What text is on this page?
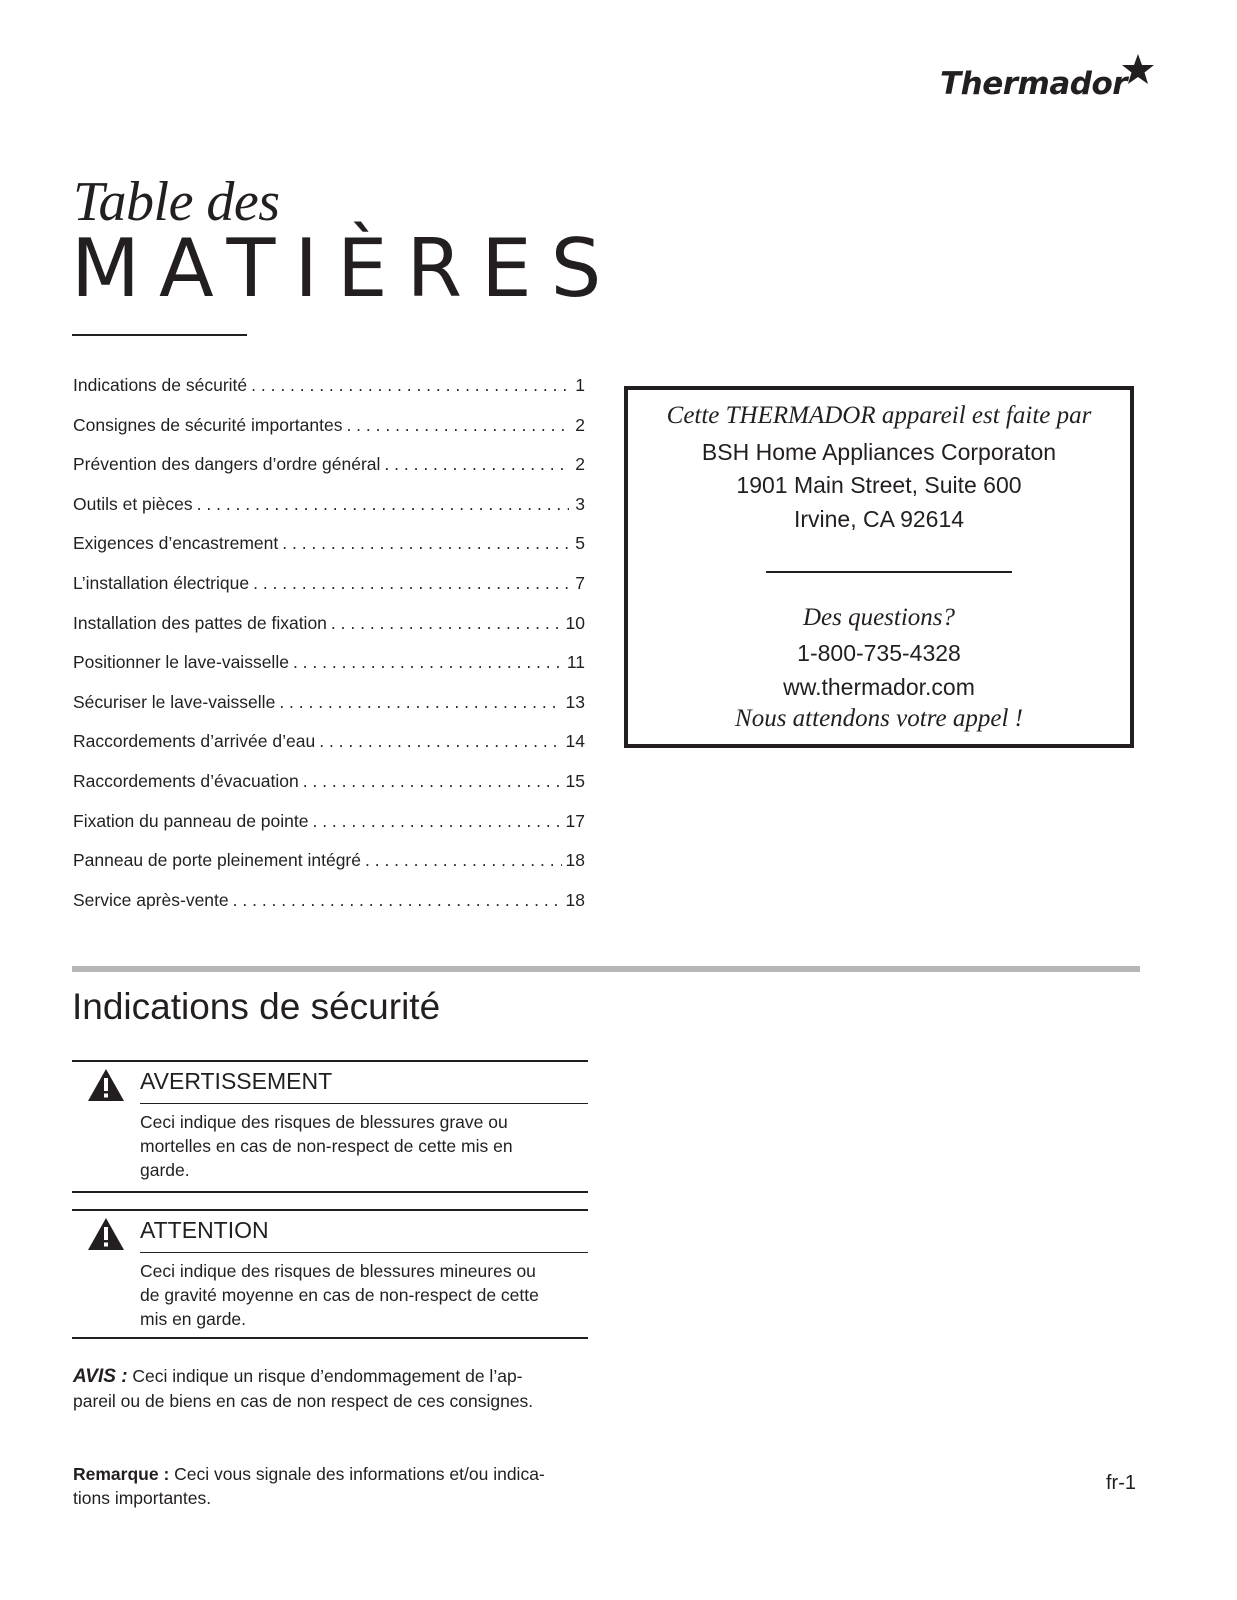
Thermador
Table des
MATIÈRES
Indications de sécurité . . .	1
Consignes de sécurité importantes . . .	2
Prévention des dangers d’ordre général . . .	2
Outils et pièces . . .	3
Exigences d’encastrement . . .	5
L’installation électrique . . .	7
Installation des pattes de fixation . . .	10
Positionner le lave-vaisselle . . .	11
Sécuriser le lave-vaisselle . . .	13
Raccordements d’arrivée d’eau . . .	14
Raccordements d’évacuation . . .	15
Fixation du panneau de pointe . . .	17
Panneau de porte pleinement intégré . . .	18
Service après-vente . . .	18
Cette THERMADOR appareil est faite par
BSH Home Appliances Corporaton
1901 Main Street, Suite 600
Irvine, CA 92614
Des questions?
1-800-735-4328
ww.thermador.com
Nous attendons votre appel !
Indications de sécurité
AVERTISSEMENT
Ceci indique des risques de blessures grave ou
mortelles en cas de non-respect de cette mis en
garde.
ATTENTION
Ceci indique des risques de blessures mineures ou
de gravité moyenne en cas de non-respect de cette
mis en garde.
AVIS : Ceci indique un risque d’endommagement de l’ap-
pareil ou de biens en cas de non respect de ces consignes.
Remarque : Ceci vous signale des informations et/ou indica-
tions importantes.
fr-1
